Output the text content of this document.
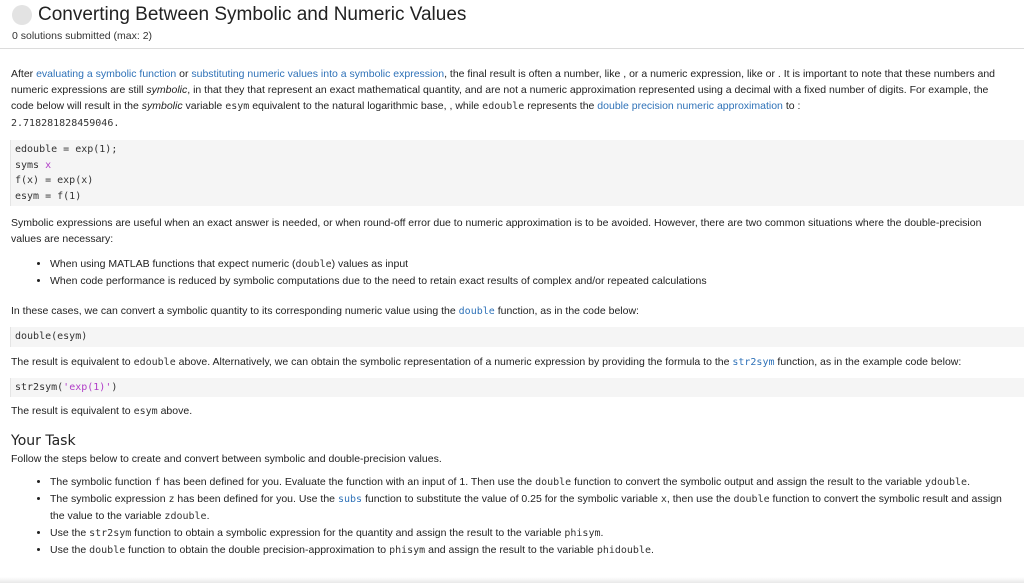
Converting Between Symbolic and Numeric Values
0 solutions submitted (max: 2)

After evaluating a symbolic function or substituting numeric values into a symbolic expression, the final result is often a number, like , or a numeric expression, like or . It is important to note that these numbers and numeric expressions are still symbolic, in that they that represent an exact mathematical quantity, and are not a numeric approximation represented using a decimal with a fixed number of digits. For example, the code below will result in the symbolic variable esym equivalent to the natural logarithmic base, , while edouble represents the double precision numeric approximation to :
2.718281828459046.

edouble = exp(1);
syms x
f(x) = exp(x)
esym = f(1)

Symbolic expressions are useful when an exact answer is needed, or when round-off error due to numeric approximation is to be avoided. However, there are two common situations where the double-precision values are necessary:

• When using MATLAB functions that expect numeric (double) values as input
• When code performance is reduced by symbolic computations due to the need to retain exact results of complex and/or repeated calculations

In these cases, we can convert a symbolic quantity to its corresponding numeric value using the double function, as in the code below:

double(esym)

The result is equivalent to edouble above. Alternatively, we can obtain the symbolic representation of a numeric expression by providing the formula to the str2sym function, as in the example code below:

str2sym('exp(1)')

The result is equivalent to esym above.

Your Task

Follow the steps below to create and convert between symbolic and double-precision values.

• The symbolic function f has been defined for you. Evaluate the function with an input of 1. Then use the double function to convert the symbolic output and assign the result to the variable ydouble.
• The symbolic expression z has been defined for you. Use the subs function to substitute the value of 0.25 for the symbolic variable x, then use the double function to convert the symbolic result and assign the value to the variable zdouble.
• Use the str2sym function to obtain a symbolic expression for the quantity and assign the result to the variable phisym.
• Use the double function to obtain the double precision-approximation to phisym and assign the result to the variable phidouble.
